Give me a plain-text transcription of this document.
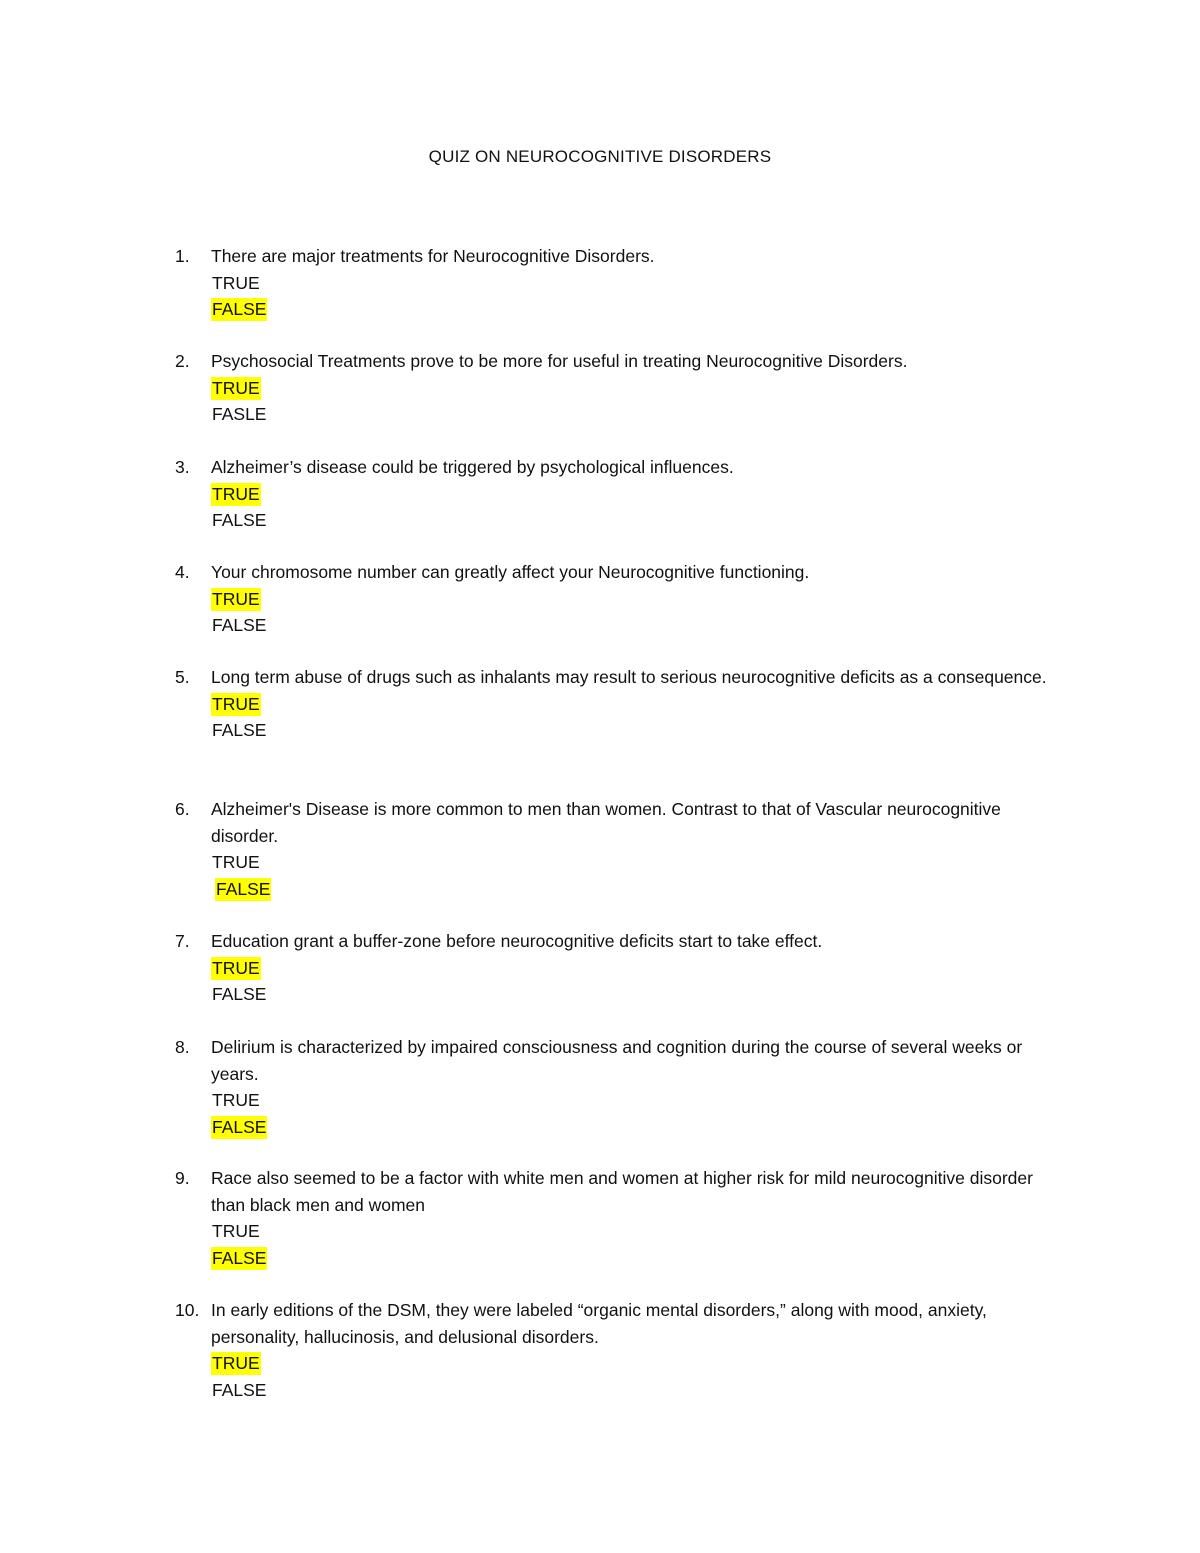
QUIZ ON NEUROCOGNITIVE DISORDERS
1.	There are major treatments for Neurocognitive Disorders.
TRUE
FALSE
2.	Psychosocial Treatments prove to be more for useful in treating Neurocognitive Disorders.
TRUE
FASLE
3.	Alzheimer’s disease could be triggered by psychological influences.
TRUE
FALSE
4.	Your chromosome number can greatly affect your Neurocognitive functioning.
TRUE
FALSE
5.	Long term abuse of drugs such as inhalants may result to serious neurocognitive deficits as a consequence.
TRUE
FALSE
6.	Alzheimer's Disease is more common to men than women. Contrast to that of Vascular neurocognitive disorder.
TRUE
FALSE
7.	Education grant a buffer-zone before neurocognitive deficits start to take effect.
TRUE
FALSE
8.	Delirium is characterized by impaired consciousness and cognition during the course of several weeks or years.
TRUE
FALSE
9.	Race also seemed to be a factor with white men and women at higher risk for mild neurocognitive disorder than black men and women
TRUE
FALSE
10. In early editions of the DSM, they were labeled “organic mental disorders,” along with mood, anxiety, personality, hallucinosis, and delusional disorders.
TRUE
FALSE
